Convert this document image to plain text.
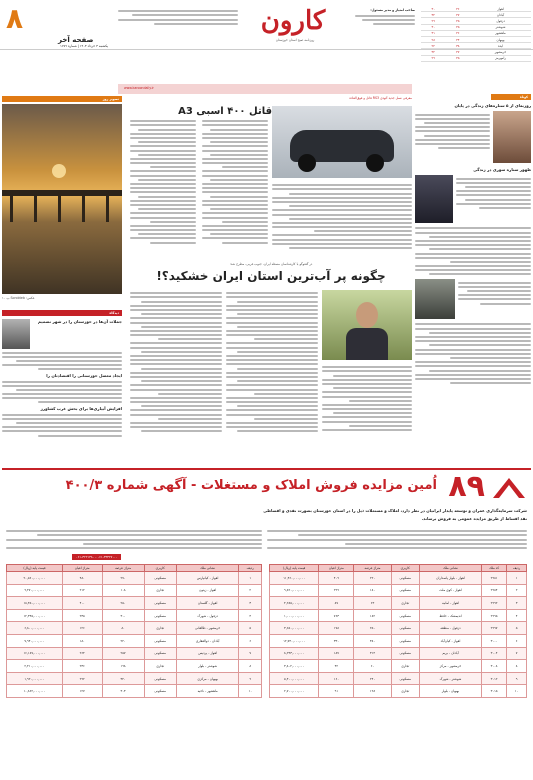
اهواز	۴۶	۳۰
آبادان	۴۷	۳۲
دزفول	۴۵	۲۹
شوشتر	۴۵	۳۰
ماهشهر	۴۶	۳۱
بهبهان	۴۴	۲۸
ایذه	۳۸	۲۲
خرمشهر	۴۷	۳۲
رامهرمز	۴۵	۲۹
صاحب امتیاز و مدیر مسئول:
کارون
روزنامه صبح استان خوزستان
صفحه آخر
۸
یکشنبه ۳ خرداد ۱۴۰۳ | شماره ۱۶۷۹
www.karoondaily.ir
کوتاه
روزنه‌ای از ۵ ستاره‌های زندگی در پایان
ظهور ستاره سوری در زندگی
معرفی نسل جدید آئودی RS3 قاتل و فوق‌العاده
قاتل ۴۰۰ اسبی A3
تصویر روز
عکس: Sorobteb پ ۱۰
در گفتوگو با کارشناسان مسئله ایران، جنوب غربی، مطرح شد:
چگونه پر آب‌ترین استان ایران خشکید؟!
دیدگاه
جملات آن‌ها در خوزستان را در شهر تصمیم
ایجاد معضل خوزستانی را اقتصادتان را
افزایش آبیاری‌ها برای بخش غرب کشاورز
۸۹
اُمین مزایده فروش املاک و مستغلات - آگهی شماره ۴۰۰/۳
شرکت سرمایه‌گذاری عمران و توسعه پایدار ایرانیان در نظر دارد، املاک و مستغلات ذیل را در استان خوزستان بصورت نقدی و اقساطی
نقد اقساط از طریق مزایده عمومی به فروش برساند.
۰۶۱-۳۳۳۲۷۰۰۰ - ۰۶۱-۳۲۲۱۳۸۰
ردیف	کد ملک	نشانی ملک	کاربری	متراژ عرصه	متراژ اعیان	قیمت پایه (ریال)
۱	۲۹۸۱	اهواز - بلوار پاسداران	مسکونی	۲۲۰	۴۰۹	۱۱,۴۶۰,۰۰۰,۰۰۰
۲	۲۹۸۴	اهواز - کوی ملت	مسکونی	۱۸۰	۲۹۹	۹,۸۲۰,۰۰۰,۰۰۰
۳	۲۹۹۲	اهواز - امانیه	تجاری	۶۳	۸۷	۴,۲۸۵,۰۰۰,۰۰۰
۴	۲۹۹۵	اندیمشک - حافظ	مسکونی	۱۸۲	۷۶۳	۱,۰۰۰,۰۰۰,۰۰۰
۵	۲۹۹۷	دزفول - منطقه	مسکونی	۲۵۰	۱۷۸	۳,۶۵۰,۰۰۰,۰۰۰
۶	۳۰۰۰	اهواز - کیان‌آباد	مسکونی	۳۸۰	۳۳۰	۱۲,۷۴۰,۰۰۰,۰۰۰
۷	۳۰۰۴	آبادان - بریم	مسکونی	۳۱۴	۱۸۷	۸,۲۴۳,۰۰۰,۰۰۰
۸	۳۰۰۸	خرمشهر - مرکز	تجاری	۶۰	۴۲	۳,۸۰۲,۰۰۰,۰۰۰
۹	۳۰۱۲	شوشتر - شهرک	مسکونی	۲۴۰	۱۶۰	۵,۴۰۰,۰۰۰,۰۰۰
۱۰	۳۰۱۵	بهبهان - بلوار	تجاری	۱۲۸	۹۱	۲,۷۰۰,۰۰۰,۰۰۰
ردیف	نشانی ملک	کاربری	متراژ عرصه	متراژ اعیان	قیمت پایه (ریال)
۱	اهواز - کیانپارس	مسکونی	۲۷۰	۴۸۰	۲۰,۵۶۰,۰۰۰,۰۰۰
۲	اهواز - زیتون	تجاری	۱۰۸	۲۱۲	۹,۴۷۰,۰۰۰,۰۰۰
۳	اهواز - گلستان	مسکونی	۲۵۰	۴۰۰	۱۸,۴۵۰,۰۰۰,۰۰۰
۴	دزفول - شهرک	مسکونی	۳۰۰	۲۳۵	۱۲,۳۴۵,۰۰۰,۰۰۰
۵	خرمشهر - طالقانی	تجاری	۸۰	۱۲۶	۶,۸۰۰,۰۰۰,۰۰۰
۶	آبادان - ذوالفقاری	مسکونی	۲۲۰	۱۸۰	۷,۹۴۰,۰۰۰,۰۰۰
۷	اهواز - پردیس	مسکونی	۲۵۷	۲۶۴	۱۶,۱۸۷,۰۰۰,۰۰۰
۸	شوشتر - بلوار	تجاری	۱۹۸	۲۳۶	۲,۴۱۰,۰۰۰,۰۰۰
۹	بهبهان - مرکزی	مسکونی	۳۲۰	۲۹۲	۱,۹۲۰,۰۰۰,۰۰۰
۱۰	ماهشهر - ناحیه	مسکونی	۳۰۳	۱۲۷	۱۰,۸۶۲,۰۰۰,۰۰۰
